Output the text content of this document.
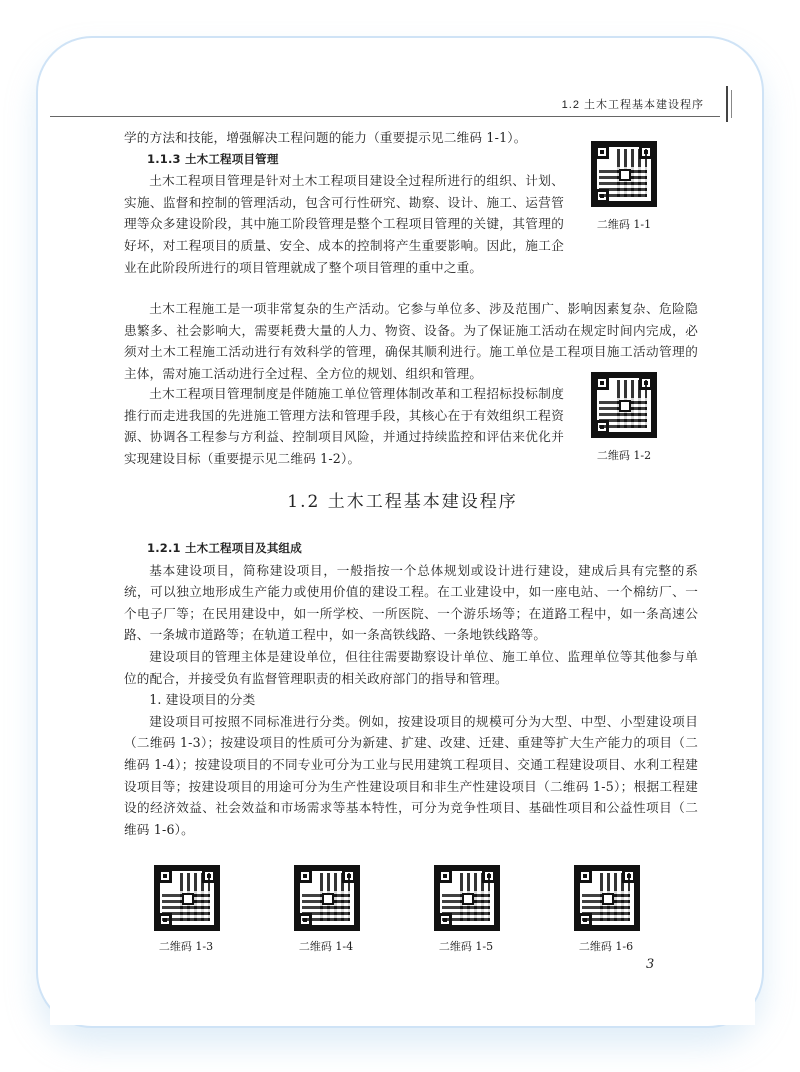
1.2 土木工程基本建设程序

学的方法和技能，增强解决工程问题的能力（重要提示见二维码 1-1）。

1.1.3 土木工程项目管理

土木工程项目管理是针对土木工程项目建设全过程所进行的组织、计划、实施、监督和控制的管理活动，包含可行性研究、勘察、设计、施工、运营管理等众多建设阶段，其中施工阶段管理是整个工程项目管理的关键，其管理的好坏，对工程项目的质量、安全、成本的控制将产生重要影响。因此，施工企业在此阶段所进行的项目管理就成了整个项目管理的重中之重。

土木工程施工是一项非常复杂的生产活动。它参与单位多、涉及范围广、影响因素复杂、危险隐患繁多、社会影响大，需要耗费大量的人力、物资、设备。为了保证施工活动在规定时间内完成，必须对土木工程施工活动进行有效科学的管理，确保其顺利进行。施工单位是工程项目施工活动管理的主体，需对施工活动进行全过程、全方位的规划、组织和管理。

土木工程项目管理制度是伴随施工单位管理体制改革和工程招标投标制度推行而走进我国的先进施工管理方法和管理手段，其核心在于有效组织工程资源、协调各工程参与方利益、控制项目风险，并通过持续监控和评估来优化并实现建设目标（重要提示见二维码 1-2）。

二维码 1-1
二维码 1-2
1.2 土木工程基本建设程序

1.2.1 土木工程项目及其组成

基本建设项目，简称建设项目，一般指按一个总体规划或设计进行建设，建成后具有完整的系统，可以独立地形成生产能力或使用价值的建设工程。在工业建设中，如一座电站、一个棉纺厂、一个电子厂等；在民用建设中，如一所学校、一所医院、一个游乐场等；在道路工程中，如一条高速公路、一条城市道路等；在轨道工程中，如一条高铁线路、一条地铁线路等。

建设项目的管理主体是建设单位，但往往需要勘察设计单位、施工单位、监理单位等其他参与单位的配合，并接受负有监督管理职责的相关政府部门的指导和管理。

1. 建设项目的分类

建设项目可按照不同标准进行分类。例如，按建设项目的规模可分为大型、中型、小型建设项目（二维码 1-3）；按建设项目的性质可分为新建、扩建、改建、迁建、重建等扩大生产能力的项目（二维码 1-4）；按建设项目的不同专业可分为工业与民用建筑工程项目、交通工程建设项目、水利工程建设项目等；按建设项目的用途可分为生产性建设项目和非生产性建设项目（二维码 1-5）；根据工程建设的经济效益、社会效益和市场需求等基本特性，可分为竞争性项目、基础性项目和公益性项目（二维码 1-6）。

二维码 1-3	二维码 1-4	二维码 1-5	二维码 1-6
3
